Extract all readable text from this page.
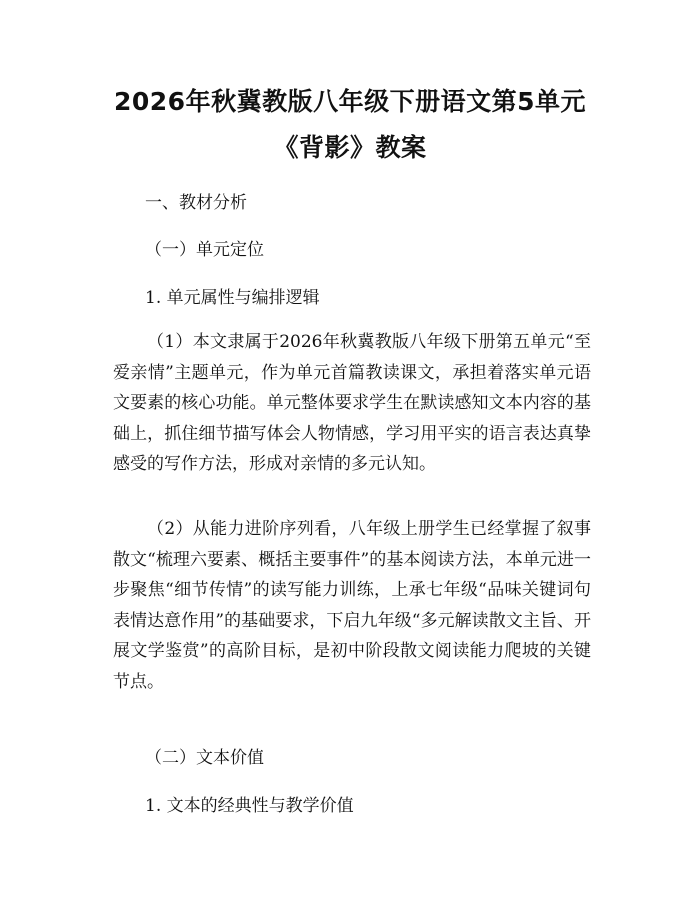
2026年秋冀教版八年级下册语文第5单元
《背影》教案
一、教材分析
（一）单元定位
1. 单元属性与编排逻辑

（1）本文隶属于2026年秋冀教版八年级下册第五单元“至爱亲情”主题单元，作为单元首篇教读课文，承担着落实单元语文要素的核心功能。单元整体要求学生在默读感知文本内容的基础上，抓住细节描写体会人物情感，学习用平实的语言表达真挚感受的写作方法，形成对亲情的多元认知。

（2）从能力进阶序列看，八年级上册学生已经掌握了叙事散文“梳理六要素、概括主要事件”的基本阅读方法，本单元进一步聚焦“细节传情”的读写能力训练，上承七年级“品味关键词句表情达意作用”的基础要求，下启九年级“多元解读散文主旨、开展文学鉴赏”的高阶目标，是初中阶段散文阅读能力爬坡的关键节点。

（二）文本价值
1. 文本的经典性与教学价值
